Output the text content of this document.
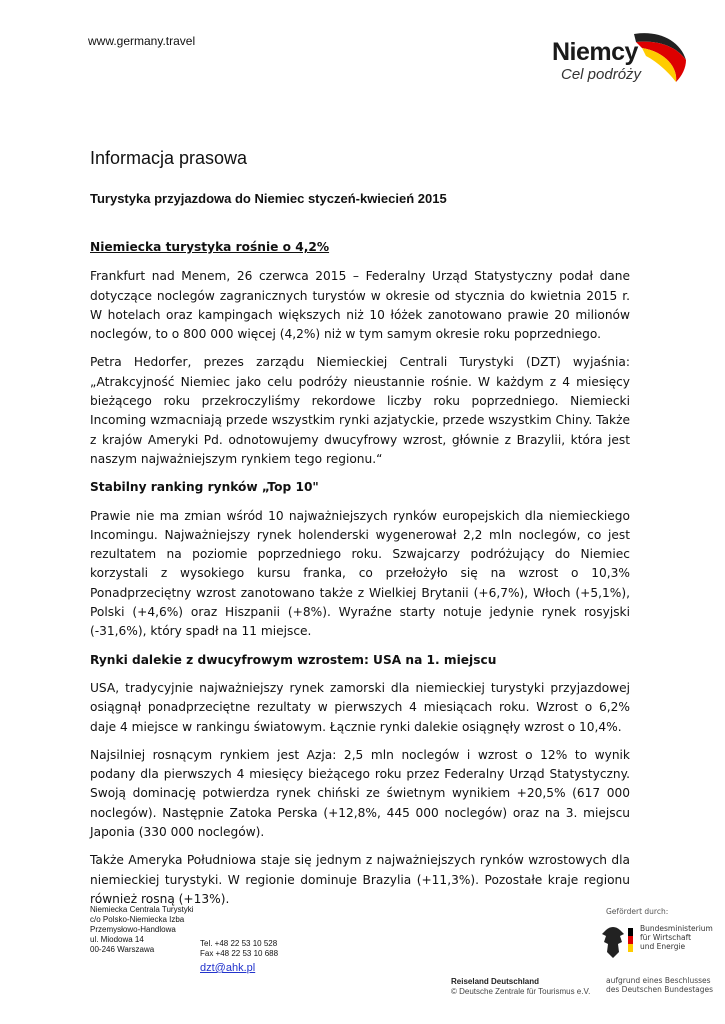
www.germany.travel	Niemcy
Cel podróży
Informacja prasowa
Turystyka przyjazdowa do Niemiec styczeń-kwiecień 2015
Niemiecka turystyka rośnie o 4,2%

Frankfurt nad Menem, 26 czerwca 2015 – Federalny Urząd Statystyczny podał dane dotyczące noclegów zagranicznych turystów w okresie od stycznia do kwietnia 2015 r. W hotelach oraz kampingach większych niż 10 łóżek zanotowano prawie 20 milionów noclegów, to o 800 000 więcej (4,2%) niż w tym samym okresie roku poprzedniego.

Petra Hedorfer, prezes zarządu Niemieckiej Centrali Turystyki (DZT) wyjaśnia: „Atrakcyjność Niemiec jako celu podróży nieustannie rośnie. W każdym z 4 miesięcy bieżącego roku przekroczyliśmy rekordowe liczby roku poprzedniego. Niemiecki Incoming wzmacniają przede wszystkim rynki azjatyckie, przede wszystkim Chiny. Także z krajów Ameryki Pd. odnotowujemy dwucyfrowy wzrost, głównie z Brazylii, która jest naszym najważniejszym rynkiem tego regionu.“

Stabilny ranking rynków „Top 10"

Prawie nie ma zmian wśród 10 najważniejszych rynków europejskich dla niemieckiego Incomingu. Najważniejszy rynek holenderski wygenerował 2,2 mln noclegów, co jest rezultatem na poziomie poprzedniego roku. Szwajcarzy podróżujący do Niemiec korzystali z wysokiego kursu franka, co przełożyło się na wzrost o 10,3% Ponadprzeciętny wzrost zanotowano także z Wielkiej Brytanii (+6,7%), Włoch (+5,1%), Polski (+4,6%) oraz Hiszpanii (+8%). Wyraźne starty notuje jedynie rynek rosyjski (-31,6%), który spadł na 11 miejsce.

Rynki dalekie z dwucyfrowym wzrostem: USA na 1. miejscu

USA, tradycyjnie najważniejszy rynek zamorski dla niemieckiej turystyki przyjazdowej osiągnął ponadprzeciętne rezultaty w pierwszych 4 miesiącach roku. Wzrost o 6,2% daje 4 miejsce w rankingu światowym. Łącznie rynki dalekie osiągnęły wzrost o 10,4%.

Najsilniej rosnącym rynkiem jest Azja: 2,5 mln noclegów i wzrost o 12% to wynik podany dla pierwszych 4 miesięcy bieżącego roku przez Federalny Urząd Statystyczny. Swoją dominację potwierdza rynek chiński ze świetnym wynikiem +20,5% (617 000 noclegów). Następnie Zatoka Perska (+12,8%, 445 000 noclegów) oraz na 3. miejscu Japonia (330 000 noclegów).

Także Ameryka Południowa staje się jednym z najważniejszych rynków wzrostowych dla niemieckiej turystyki. W regionie dominuje Brazylia (+11,3%). Pozostałe kraje regionu również rosną (+13%).

Niemiecka Centrala Turystyki
c/o Polsko-Niemiecka Izba
Przemysłowo-Handlowa
ul. Miodowa 14
00-246 Warszawa
Tel. +48 22 53 10 528
Fax +48 22 53 10 688
dzt@ahk.pl
Reiseland Deutschland
© Deutsche Zentrale für Tourismus e.V.
Gefördert durch:
Bundesministerium
für Wirtschaft
und Energie
aufgrund eines Beschlusses
des Deutschen Bundestages
